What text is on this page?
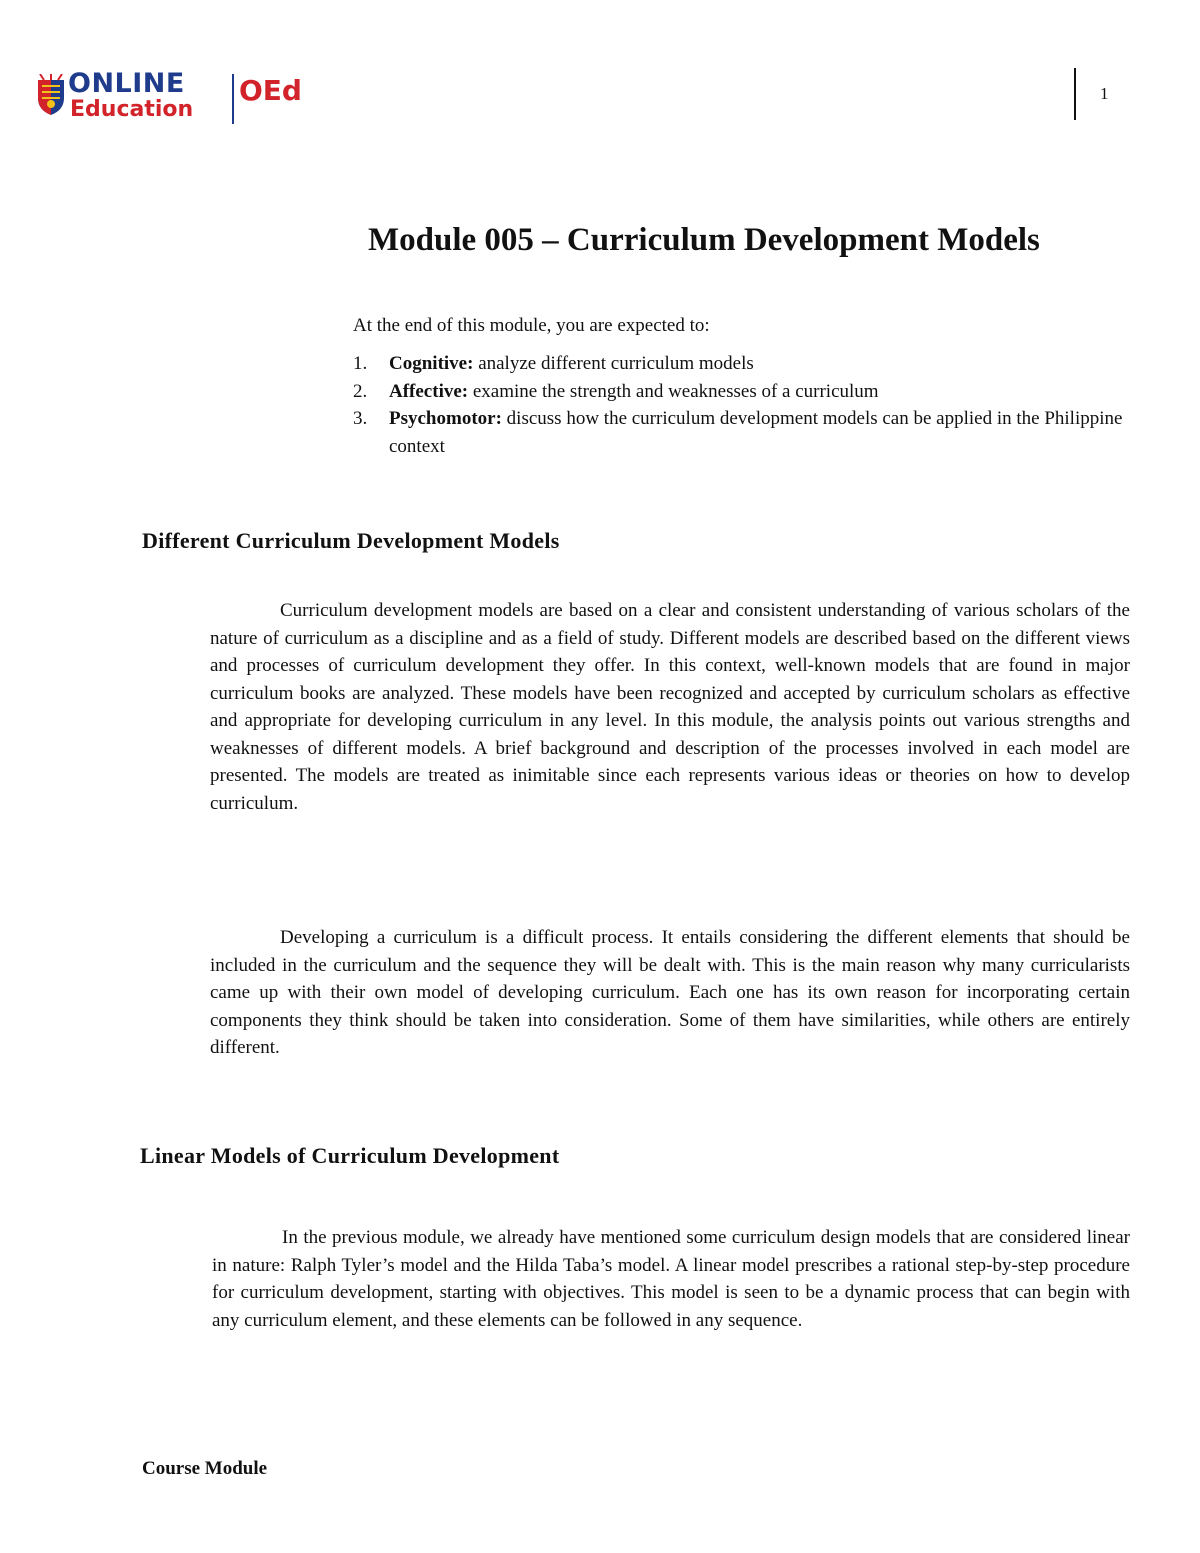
ONLINE
Education
OEd	1
Module 005 – Curriculum Development Models

At the end of this module, you are expected to:

1. Cognitive: analyze different curriculum models
2. Affective: examine the strength and weaknesses of a curriculum
3. Psychomotor: discuss how the curriculum development models can be applied in the Philippine context
Different Curriculum Development Models

Curriculum development models are based on a clear and consistent understanding of various scholars of the nature of curriculum as a discipline and as a field of study. Different models are described based on the different views and processes of curriculum development they offer. In this context, well-known models that are found in major curriculum books are analyzed. These models have been recognized and accepted by curriculum scholars as effective and appropriate for developing curriculum in any level. In this module, the analysis points out various strengths and weaknesses of different models. A brief background and description of the processes involved in each model are presented. The models are treated as inimitable since each represents various ideas or theories on how to develop curriculum.

Developing a curriculum is a difficult process. It entails considering the different elements that should be included in the curriculum and the sequence they will be dealt with. This is the main reason why many curricularists came up with their own model of developing curriculum. Each one has its own reason for incorporating certain components they think should be taken into consideration. Some of them have similarities, while others are entirely different.

Linear Models of Curriculum Development

In the previous module, we already have mentioned some curriculum design models that are considered linear in nature: Ralph Tyler’s model and the Hilda Taba’s model. A linear model prescribes a rational step-by-step procedure for curriculum development, starting with objectives. This model is seen to be a dynamic process that can begin with any curriculum element, and these elements can be followed in any sequence.

Course Module
